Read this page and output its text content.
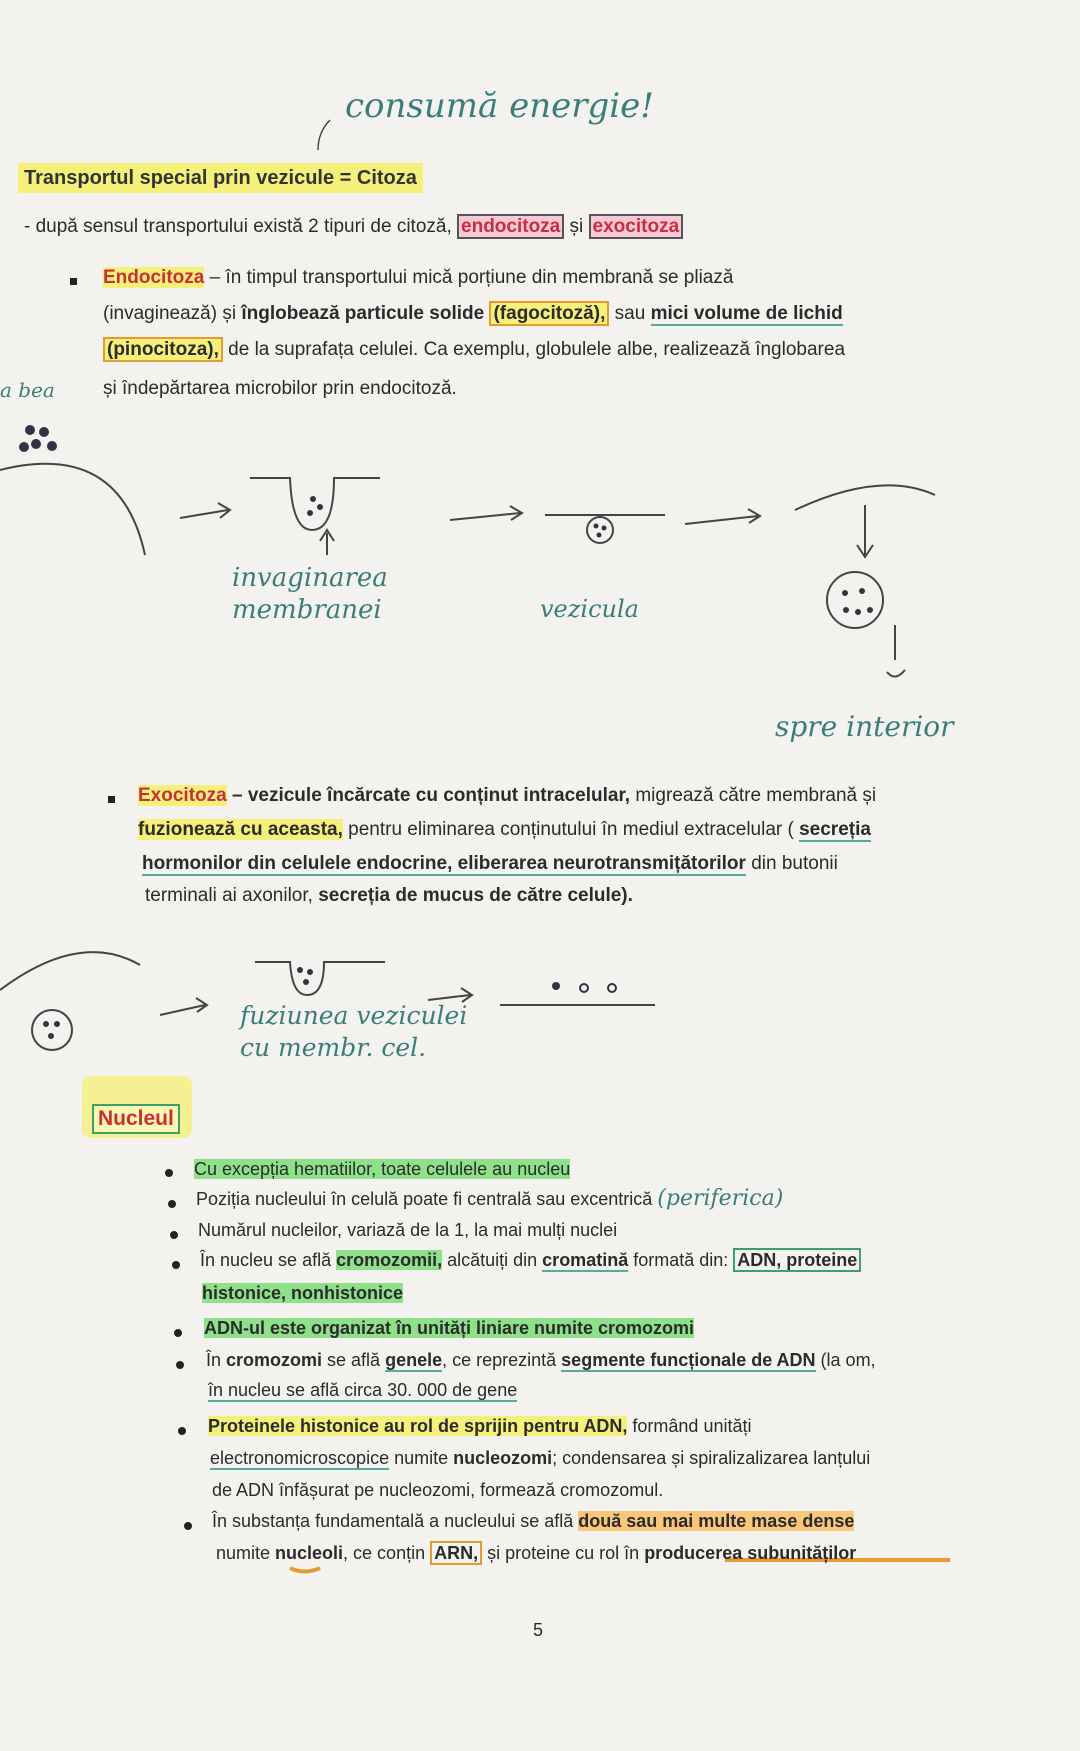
consumă energie!
a bea
invaginarea membranei	vezicula
spre interior
fuziunea veziculei cu membr. cel.
Transportul special prin vezicule = Citoza
- după sensul transportului există 2 tipuri de citoză, endocitoza și exocitoza
Endocitoza – în timpul transportului mică porțiune din membrană se pliază
(invaginează) și înglobează particule solide (fagocitoză), sau mici volume de lichid
(pinocitoza), de la suprafața celulei. Ca exemplu, globulele albe, realizează înglobarea
și îndepărtarea microbilor prin endocitoză.
Exocitoza – vezicule încărcate cu conținut intracelular, migrează către membrană și
fuzionează cu aceasta, pentru eliminarea conținutului în mediul extracelular ( secreția
hormonilor din celulele endocrine, eliberarea neurotransmițătorilor din butonii
terminali ai axonilor, secreția de mucus de către celule).
Nucleul
Cu excepția hematiilor, toate celulele au nucleu
Poziția nucleului în celulă poate fi centrală sau excentrică (periferica)
Numărul nucleilor, variază de la 1, la mai mulți nuclei
În nucleu se află cromozomii, alcătuiți din cromatină formată din: ADN, proteine
histonice, nonhistonice
ADN-ul este organizat în unități liniare numite cromozomi
În cromozomi se află genele, ce reprezintă segmente funcționale de ADN (la om,
în nucleu se află circa 30. 000 de gene
Proteinele histonice au rol de sprijin pentru ADN, formând unități
electronomicroscopice numite nucleozomi; condensarea și spiralizalizarea lanțului
de ADN înfășurat pe nucleozomi, formează cromozomul.
În substanța fundamentală a nucleului se află două sau mai multe mase dense
numite nucleoli, ce conțin ARN, și proteine cu rol în producerea subunităților
5
